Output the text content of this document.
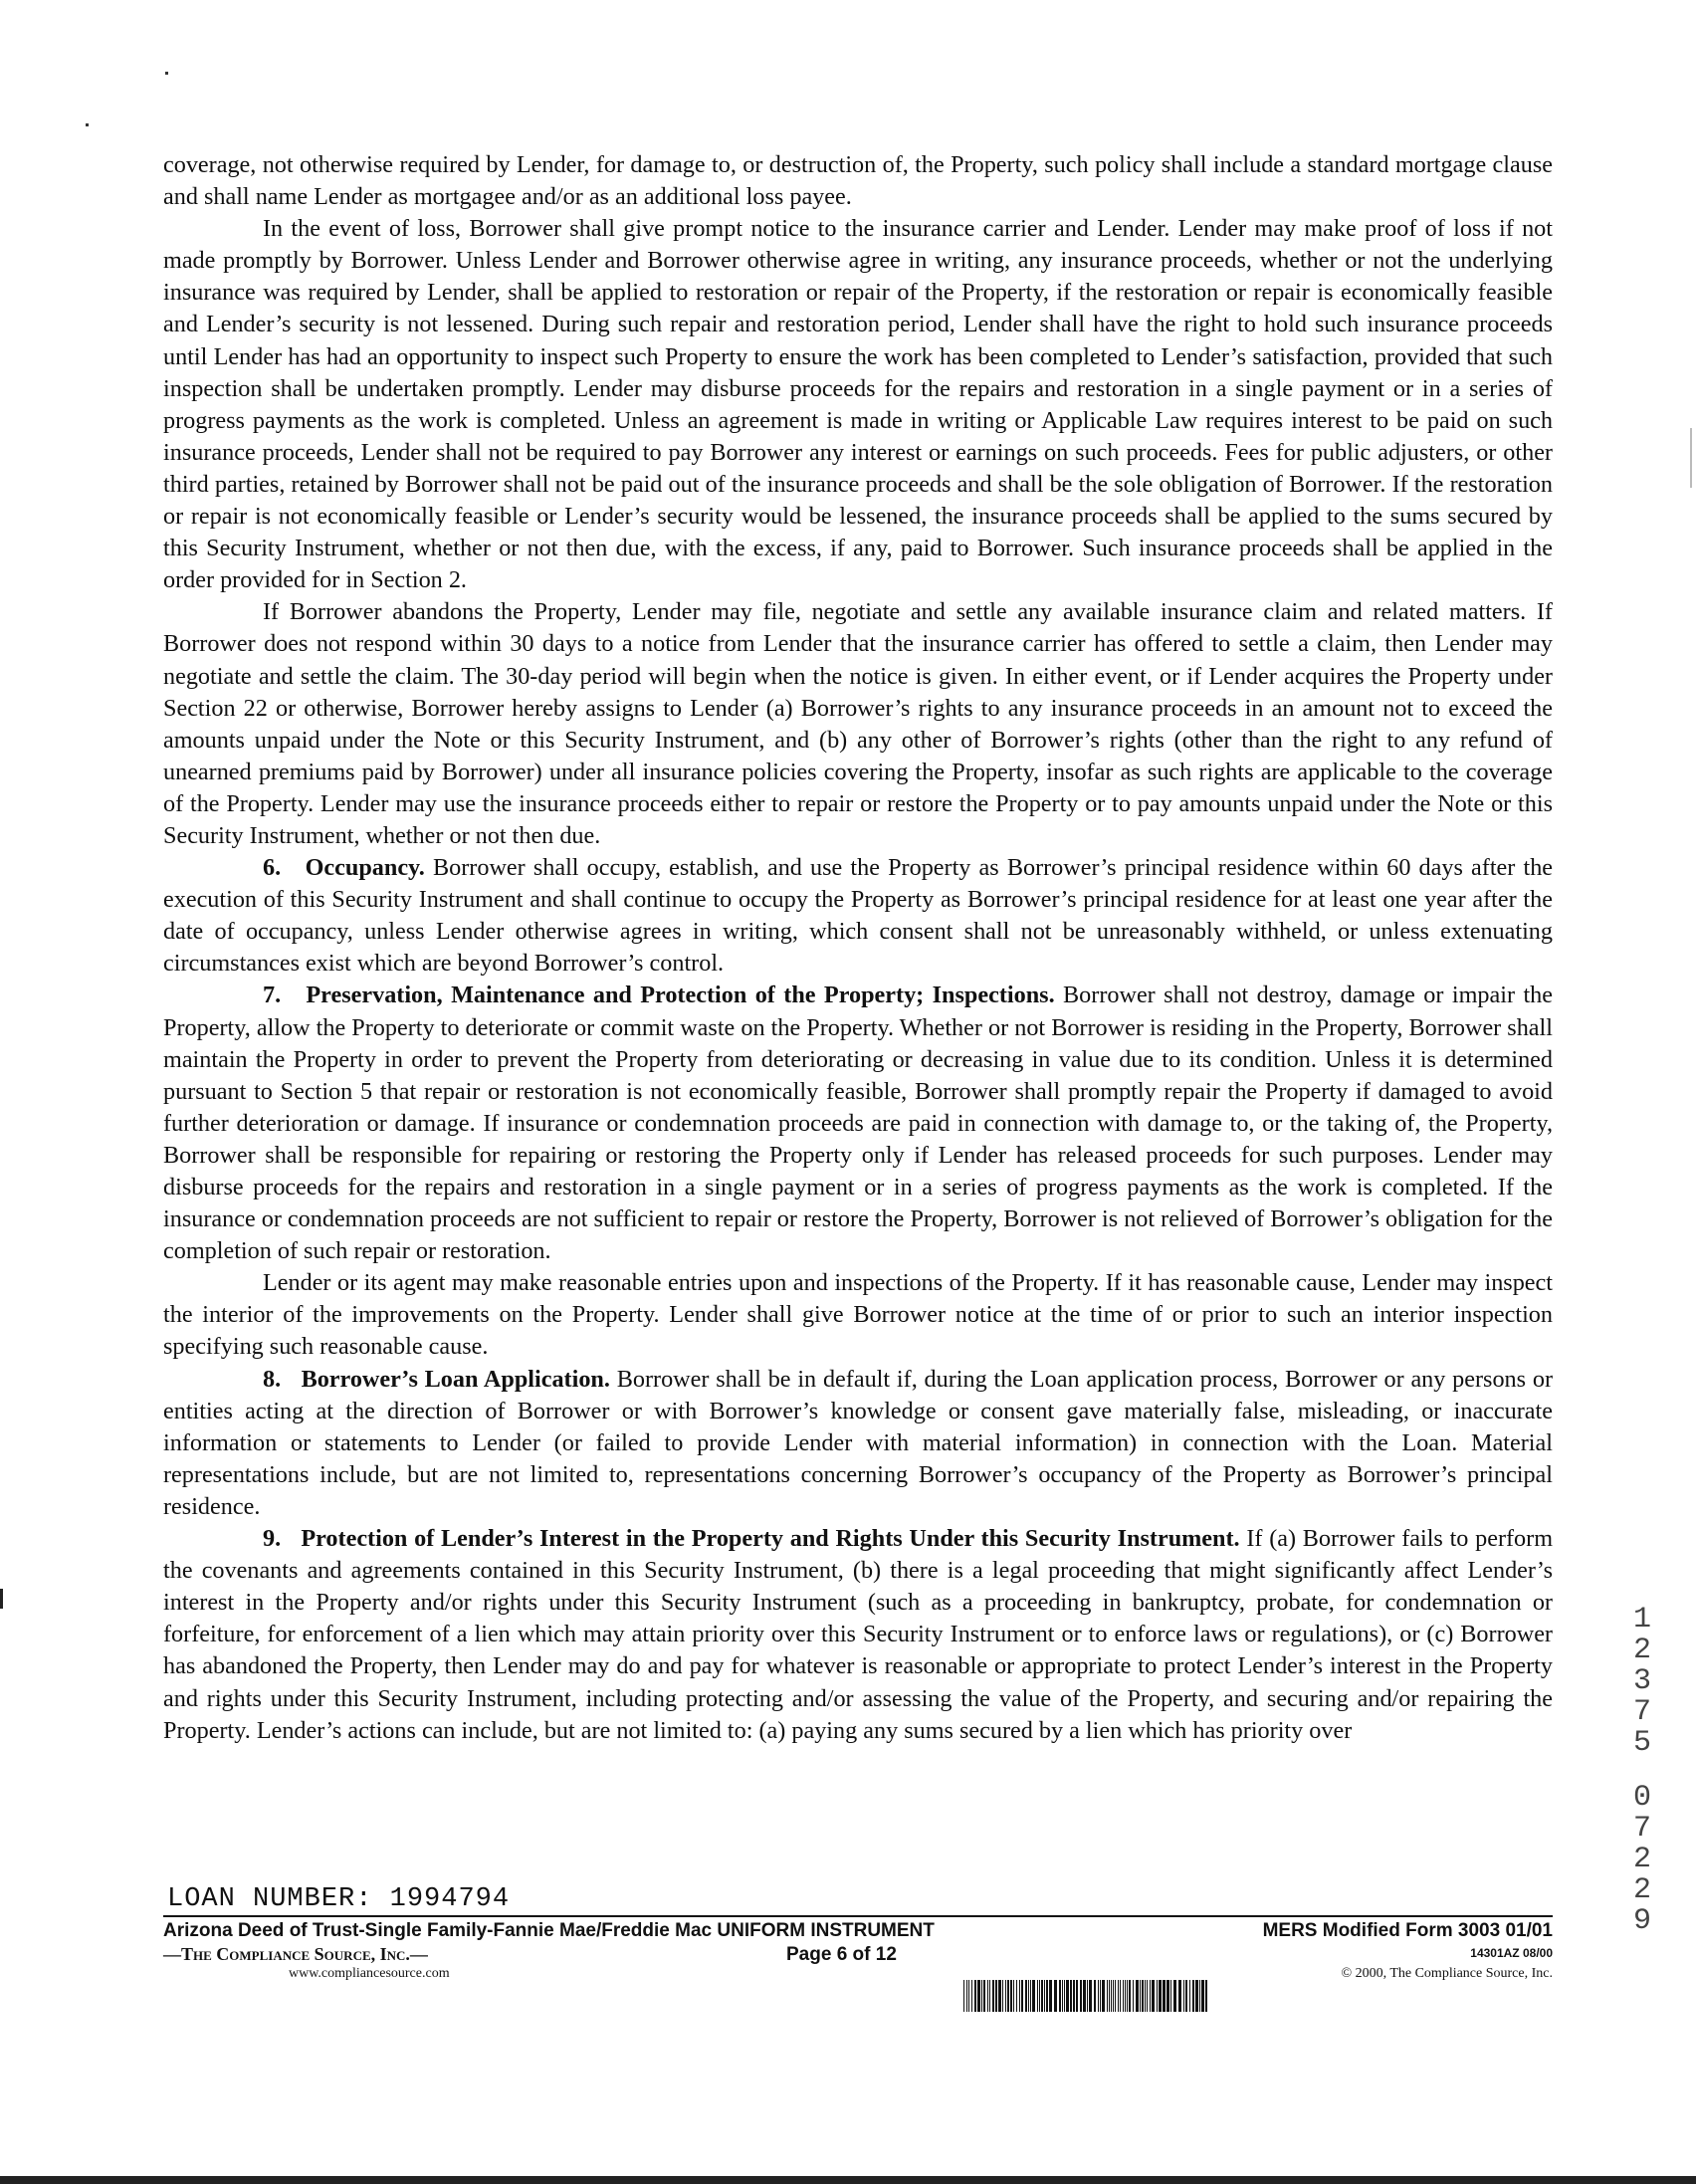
coverage, not otherwise required by Lender, for damage to, or destruction of, the Property, such policy shall include a standard mortgage clause and shall name Lender as mortgagee and/or as an additional loss payee.

In the event of loss, Borrower shall give prompt notice to the insurance carrier and Lender. Lender may make proof of loss if not made promptly by Borrower. Unless Lender and Borrower otherwise agree in writing, any insurance proceeds, whether or not the underlying insurance was required by Lender, shall be applied to restoration or repair of the Property, if the restoration or repair is economically feasible and Lender’s security is not lessened. During such repair and restoration period, Lender shall have the right to hold such insurance proceeds until Lender has had an opportunity to inspect such Property to ensure the work has been completed to Lender’s satisfaction, provided that such inspection shall be undertaken promptly. Lender may disburse proceeds for the repairs and restoration in a single payment or in a series of progress payments as the work is completed. Unless an agreement is made in writing or Applicable Law requires interest to be paid on such insurance proceeds, Lender shall not be required to pay Borrower any interest or earnings on such proceeds. Fees for public adjusters, or other third parties, retained by Borrower shall not be paid out of the insurance proceeds and shall be the sole obligation of Borrower. If the restoration or repair is not economically feasible or Lender’s security would be lessened, the insurance proceeds shall be applied to the sums secured by this Security Instrument, whether or not then due, with the excess, if any, paid to Borrower. Such insurance proceeds shall be applied in the order provided for in Section 2.

If Borrower abandons the Property, Lender may file, negotiate and settle any available insurance claim and related matters. If Borrower does not respond within 30 days to a notice from Lender that the insurance carrier has offered to settle a claim, then Lender may negotiate and settle the claim. The 30-day period will begin when the notice is given. In either event, or if Lender acquires the Property under Section 22 or otherwise, Borrower hereby assigns to Lender (a) Borrower’s rights to any insurance proceeds in an amount not to exceed the amounts unpaid under the Note or this Security Instrument, and (b) any other of Borrower’s rights (other than the right to any refund of unearned premiums paid by Borrower) under all insurance policies covering the Property, insofar as such rights are applicable to the coverage of the Property. Lender may use the insurance proceeds either to repair or restore the Property or to pay amounts unpaid under the Note or this Security Instrument, whether or not then due.

6. Occupancy. Borrower shall occupy, establish, and use the Property as Borrower’s principal residence within 60 days after the execution of this Security Instrument and shall continue to occupy the Property as Borrower’s principal residence for at least one year after the date of occupancy, unless Lender otherwise agrees in writing, which consent shall not be unreasonably withheld, or unless extenuating circumstances exist which are beyond Borrower’s control.

7. Preservation, Maintenance and Protection of the Property; Inspections. Borrower shall not destroy, damage or impair the Property, allow the Property to deteriorate or commit waste on the Property. Whether or not Borrower is residing in the Property, Borrower shall maintain the Property in order to prevent the Property from deteriorating or decreasing in value due to its condition. Unless it is determined pursuant to Section 5 that repair or restoration is not economically feasible, Borrower shall promptly repair the Property if damaged to avoid further deterioration or damage. If insurance or condemnation proceeds are paid in connection with damage to, or the taking of, the Property, Borrower shall be responsible for repairing or restoring the Property only if Lender has released proceeds for such purposes. Lender may disburse proceeds for the repairs and restoration in a single payment or in a series of progress payments as the work is completed. If the insurance or condemnation proceeds are not sufficient to repair or restore the Property, Borrower is not relieved of Borrower’s obligation for the completion of such repair or restoration.

Lender or its agent may make reasonable entries upon and inspections of the Property. If it has reasonable cause, Lender may inspect the interior of the improvements on the Property. Lender shall give Borrower notice at the time of or prior to such an interior inspection specifying such reasonable cause.

8. Borrower’s Loan Application. Borrower shall be in default if, during the Loan application process, Borrower or any persons or entities acting at the direction of Borrower or with Borrower’s knowledge or consent gave materially false, misleading, or inaccurate information or statements to Lender (or failed to provide Lender with material information) in connection with the Loan. Material representations include, but are not limited to, representations concerning Borrower’s occupancy of the Property as Borrower’s principal residence.

9. Protection of Lender’s Interest in the Property and Rights Under this Security Instrument. If (a) Borrower fails to perform the covenants and agreements contained in this Security Instrument, (b) there is a legal proceeding that might significantly affect Lender’s interest in the Property and/or rights under this Security Instrument (such as a proceeding in bankruptcy, probate, for condemnation or forfeiture, for enforcement of a lien which may attain priority over this Security Instrument or to enforce laws or regulations), or (c) Borrower has abandoned the Property, then Lender may do and pay for whatever is reasonable or appropriate to protect Lender’s interest in the Property and rights under this Security Instrument, including protecting and/or assessing the value of the Property, and securing and/or repairing the Property. Lender’s actions can include, but are not limited to: (a) paying any sums secured by a lien which has priority over

1
2
3
7
5
0
7
2
2
9
LOAN NUMBER: 1994794
Arizona Deed of Trust-Single Family-Fannie Mae/Freddie Mac UNIFORM INSTRUMENT	MERS Modified Form 3003 01/01
—The Compliance Source, Inc.—	Page 6 of 12	14301AZ 08/00
www.compliancesource.com	© 2000, The Compliance Source, Inc.
